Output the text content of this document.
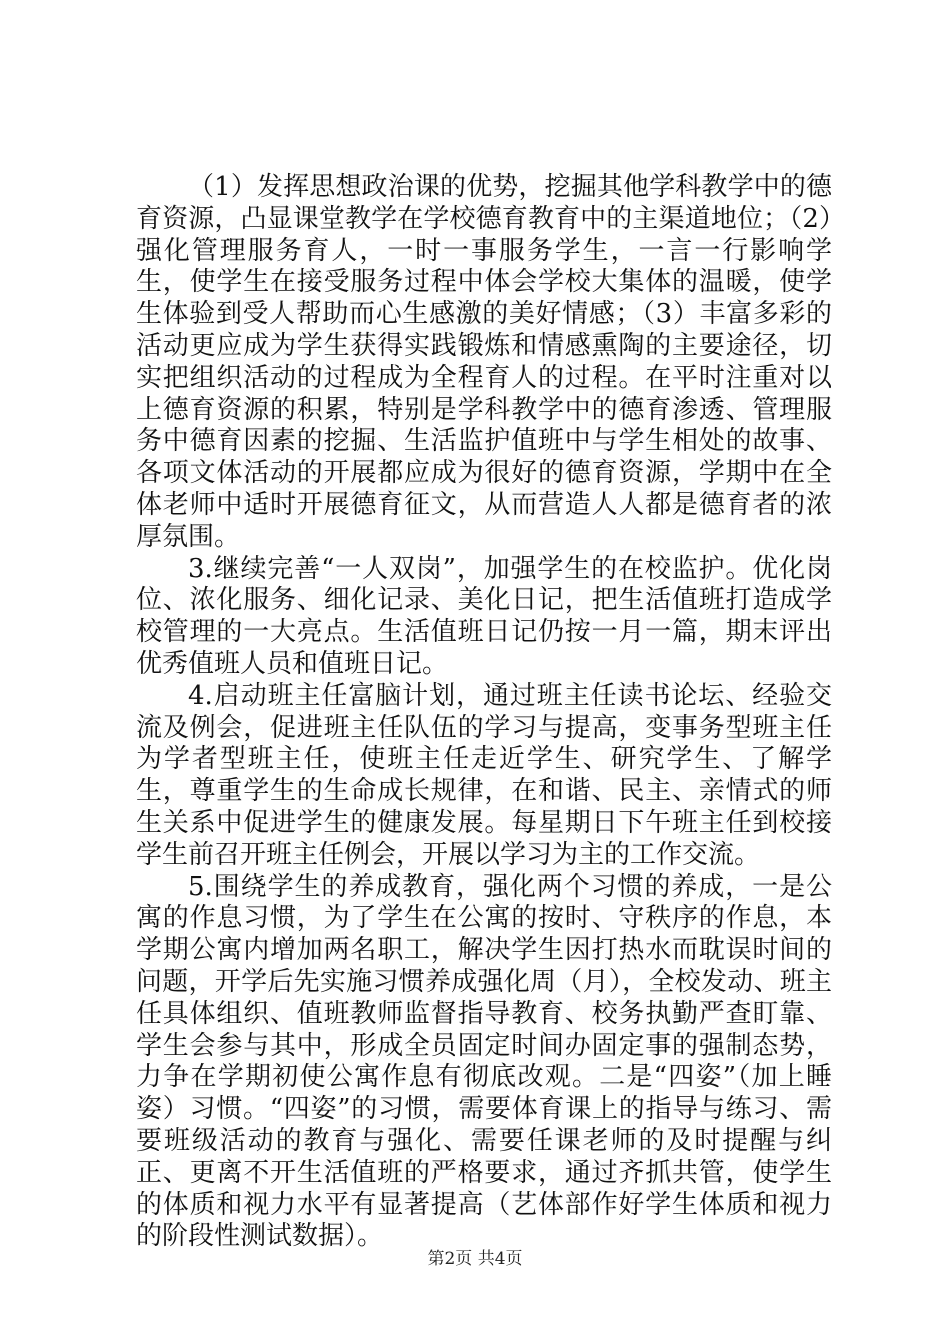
（1）发挥思想政治课的优势，挖掘其他学科教学中的德育资源，凸显课堂教学在学校德育教育中的主渠道地位；（2）强化管理服务育人，一时一事服务学生，一言一行影响学生，使学生在接受服务过程中体会学校大集体的温暖，使学生体验到受人帮助而心生感激的美好情感；（3）丰富多彩的活动更应成为学生获得实践锻炼和情感熏陶的主要途径，切实把组织活动的过程成为全程育人的过程。在平时注重对以上德育资源的积累，特别是学科教学中的德育渗透、管理服务中德育因素的挖掘、生活监护值班中与学生相处的故事、各项文体活动的开展都应成为很好的德育资源，学期中在全体老师中适时开展德育征文，从而营造人人都是德育者的浓厚氛围。

3.继续完善“一人双岗”，加强学生的在校监护。优化岗位、浓化服务、细化记录、美化日记，把生活值班打造成学校管理的一大亮点。生活值班日记仍按一月一篇，期末评出优秀值班人员和值班日记。

4.启动班主任富脑计划，通过班主任读书论坛、经验交流及例会，促进班主任队伍的学习与提高，变事务型班主任为学者型班主任，使班主任走近学生、研究学生、了解学生，尊重学生的生命成长规律，在和谐、民主、亲情式的师生关系中促进学生的健康发展。每星期日下午班主任到校接学生前召开班主任例会，开展以学习为主的工作交流。

5.围绕学生的养成教育，强化两个习惯的养成，一是公寓的作息习惯，为了学生在公寓的按时、守秩序的作息，本学期公寓内增加两名职工，解决学生因打热水而耽误时间的问题，开学后先实施习惯养成强化周（月），全校发动、班主任具体组织、值班教师监督指导教育、校务执勤严查盯靠、学生会参与其中，形成全员固定时间办固定事的强制态势，力争在学期初使公寓作息有彻底改观。二是“四姿”（加上睡姿）习惯。“四姿”的习惯，需要体育课上的指导与练习、需要班级活动的教育与强化、需要任课老师的及时提醒与纠正、更离不开生活值班的严格要求，通过齐抓共管，使学生的体质和视力水平有显著提高（艺体部作好学生体质和视力的阶段性测试数据）。

第2页 共4页
